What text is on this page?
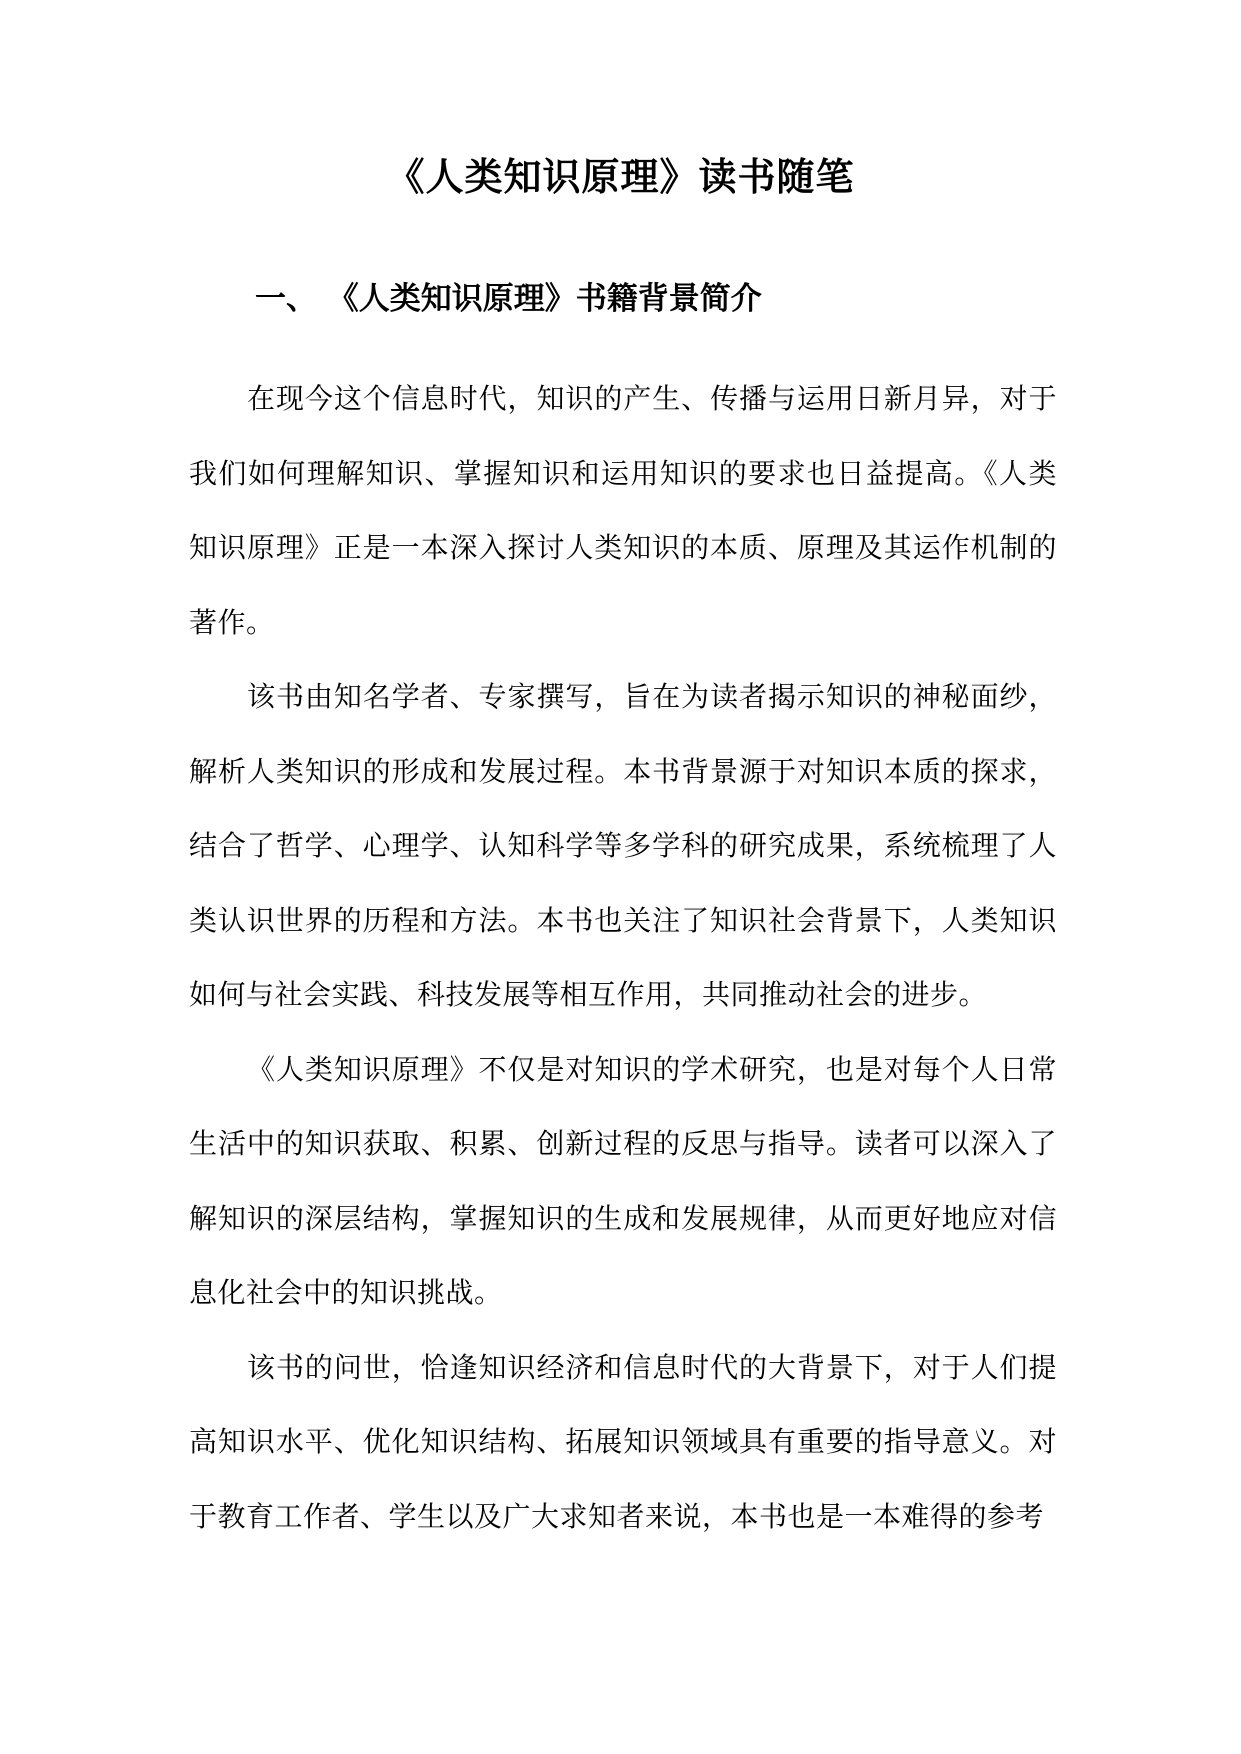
《人类知识原理》读书随笔
一、 《人类知识原理》书籍背景简介

在现今这个信息时代，知识的产生、传播与运用日新月异，对于我们如何理解知识、掌握知识和运用知识的要求也日益提高。《人类知识原理》正是一本深入探讨人类知识的本质、原理及其运作机制的著作。

该书由知名学者、专家撰写，旨在为读者揭示知识的神秘面纱，解析人类知识的形成和发展过程。本书背景源于对知识本质的探求，结合了哲学、心理学、认知科学等多学科的研究成果，系统梳理了人类认识世界的历程和方法。本书也关注了知识社会背景下，人类知识如何与社会实践、科技发展等相互作用，共同推动社会的进步。

《人类知识原理》不仅是对知识的学术研究，也是对每个人日常生活中的知识获取、积累、创新过程的反思与指导。读者可以深入了解知识的深层结构，掌握知识的生成和发展规律，从而更好地应对信息化社会中的知识挑战。

该书的问世，恰逢知识经济和信息时代的大背景下，对于人们提高知识水平、优化知识结构、拓展知识领域具有重要的指导意义。对于教育工作者、学生以及广大求知者来说，本书也是一本难得的参考
